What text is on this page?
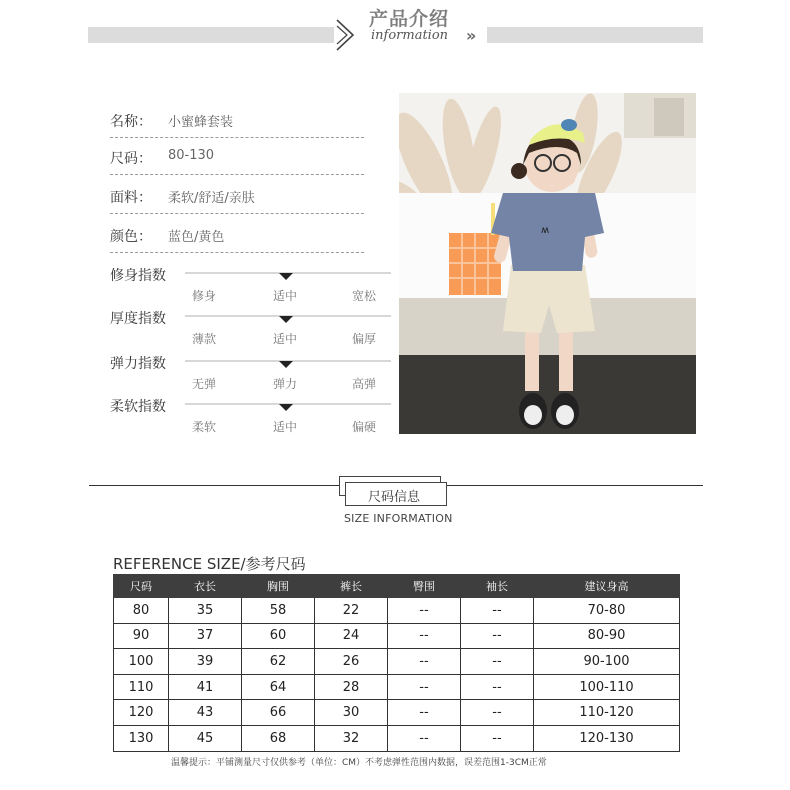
产品介绍
information »
名称： 小蜜蜂套装
尺码： 80-130
面料： 柔软/舒适/亲肤
颜色： 蓝色/黄色
修身指数
修身	适中	宽松
厚度指数
薄款	适中	偏厚
弹力指数
无弹	弹力	高弹
柔软指数
柔软	适中	偏硬
ʍ
尺码信息
SIZE INFORMATION
REFERENCE SIZE/参考尺码
尺码	衣长	胸围	裤长	臀围	袖长	建议身高
80	35	58	22	--	--	70-80
90	37	60	24	--	--	80-90
100	39	62	26	--	--	90-100
110	41	64	28	--	--	100-110
120	43	66	30	--	--	110-120
130	45	68	32	--	--	120-130
温馨提示：平铺测量尺寸仅供参考（单位：CM）不考虑弹性范围内数据，误差范围1-3CM正常
